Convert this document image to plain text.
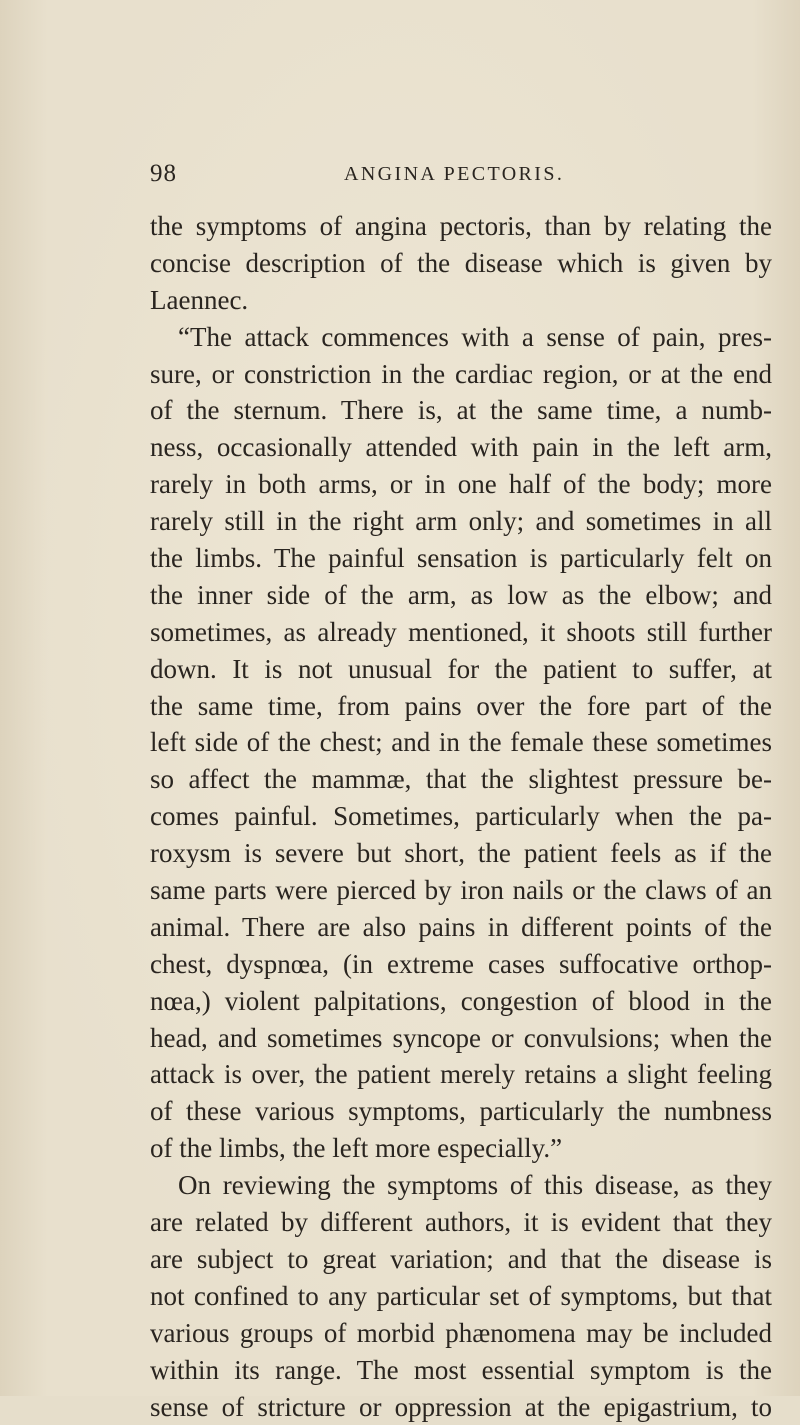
98	ANGINA PECTORIS.
the symptoms of angina pectoris, than by relating the
concise description of the disease which is given by
Laennec.
“The attack commences with a sense of pain, pres-
sure, or constriction in the cardiac region, or at the end
of the sternum. There is, at the same time, a numb-
ness, occasionally attended with pain in the left arm,
rarely in both arms, or in one half of the body; more
rarely still in the right arm only; and sometimes in all
the limbs. The painful sensation is particularly felt on
the inner side of the arm, as low as the elbow; and
sometimes, as already mentioned, it shoots still further
down. It is not unusual for the patient to suffer, at
the same time, from pains over the fore part of the
left side of the chest; and in the female these sometimes
so affect the mammæ, that the slightest pressure be-
comes painful. Sometimes, particularly when the pa-
roxysm is severe but short, the patient feels as if the
same parts were pierced by iron nails or the claws of an
animal. There are also pains in different points of the
chest, dyspnœa, (in extreme cases suffocative orthop-
nœa,) violent palpitations, congestion of blood in the
head, and sometimes syncope or convulsions; when the
attack is over, the patient merely retains a slight feeling
of these various symptoms, particularly the numbness
of the limbs, the left more especially.”
On reviewing the symptoms of this disease, as they
are related by different authors, it is evident that they
are subject to great variation; and that the disease is
not confined to any particular set of symptoms, but that
various groups of morbid phænomena may be included
within its range. The most essential symptom is the
sense of stricture or oppression at the epigastrium, to
